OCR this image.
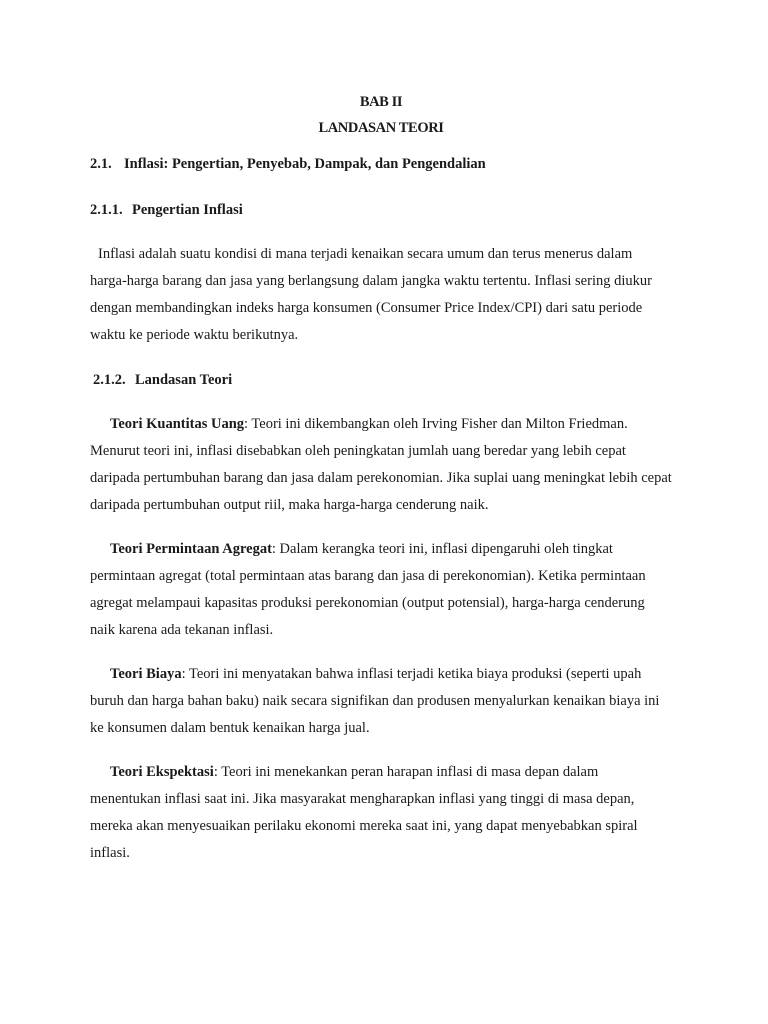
BAB II
LANDASAN TEORI
2.1. Inflasi: Pengertian, Penyebab, Dampak, dan Pengendalian
2.1.1. Pengertian Inflasi

Inflasi adalah suatu kondisi di mana terjadi kenaikan secara umum dan terus menerus dalam harga-harga barang dan jasa yang berlangsung dalam jangka waktu tertentu. Inflasi sering diukur dengan membandingkan indeks harga konsumen (Consumer Price Index/CPI) dari satu periode waktu ke periode waktu berikutnya.

2.1.2. Landasan Teori

Teori Kuantitas Uang: Teori ini dikembangkan oleh Irving Fisher dan Milton Friedman. Menurut teori ini, inflasi disebabkan oleh peningkatan jumlah uang beredar yang lebih cepat daripada pertumbuhan barang dan jasa dalam perekonomian. Jika suplai uang meningkat lebih cepat daripada pertumbuhan output riil, maka harga-harga cenderung naik.

Teori Permintaan Agregat: Dalam kerangka teori ini, inflasi dipengaruhi oleh tingkat permintaan agregat (total permintaan atas barang dan jasa di perekonomian). Ketika permintaan agregat melampaui kapasitas produksi perekonomian (output potensial), harga-harga cenderung naik karena ada tekanan inflasi.

Teori Biaya: Teori ini menyatakan bahwa inflasi terjadi ketika biaya produksi (seperti upah buruh dan harga bahan baku) naik secara signifikan dan produsen menyalurkan kenaikan biaya ini ke konsumen dalam bentuk kenaikan harga jual.

Teori Ekspektasi: Teori ini menekankan peran harapan inflasi di masa depan dalam menentukan inflasi saat ini. Jika masyarakat mengharapkan inflasi yang tinggi di masa depan, mereka akan menyesuaikan perilaku ekonomi mereka saat ini, yang dapat menyebabkan spiral inflasi.
